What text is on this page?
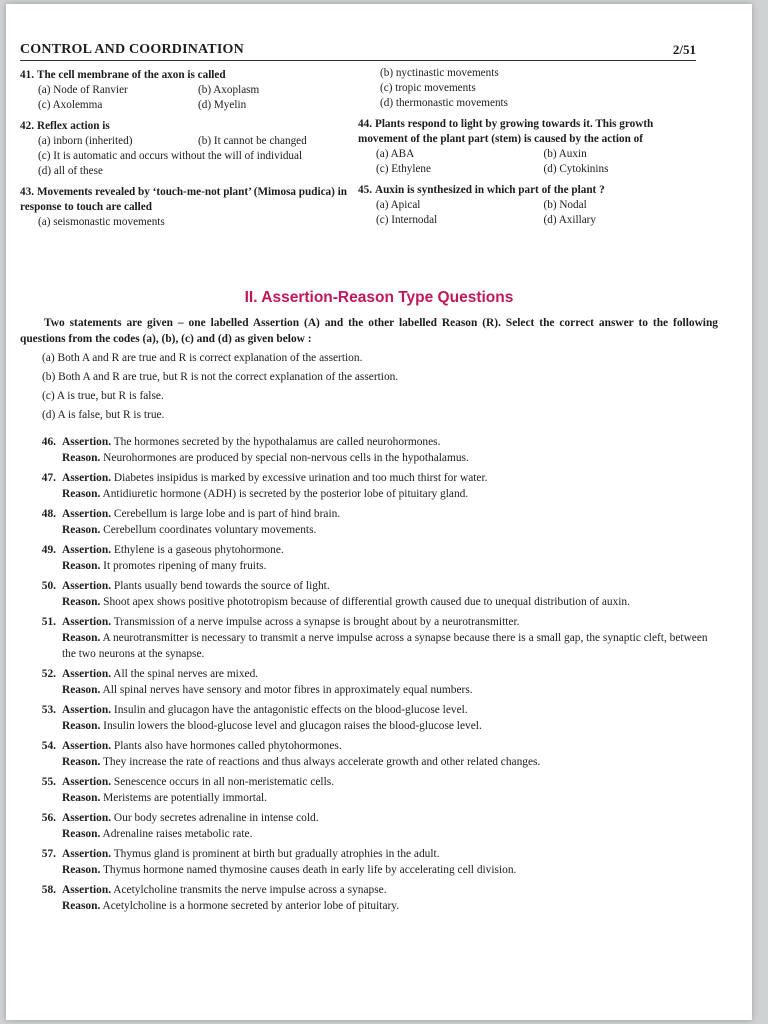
CONTROL AND COORDINATION	2/51
41. The cell membrane of the axon is called
(a) Node of Ranvier	(b) Axoplasm
(c) Axolemma	(d) Myelin
42. Reflex action is
(a) inborn (inherited)	(b) It cannot be changed
(c) It is automatic and occurs without the will of individual
(d) all of these
43. Movements revealed by ‘touch-me-not plant’ (Mimosa pudica) in response to touch are called
(a) seismonastic movements
(b) nyctinastic movements
(c) tropic movements
(d) thermonastic movements
44. Plants respond to light by growing towards it. This growth movement of the plant part (stem) is caused by the action of
(a) ABA	(b) Auxin
(c) Ethylene	(d) Cytokinins
45. Auxin is synthesized in which part of the plant ?
(a) Apical	(b) Nodal
(c) Internodal	(d) Axillary
II. Assertion-Reason Type Questions
Two statements are given – one labelled Assertion (A) and the other labelled Reason (R). Select the correct answer to the following questions from the codes (a), (b), (c) and (d) as given below :
(a) Both A and R are true and R is correct explanation of the assertion.
(b) Both A and R are true, but R is not the correct explanation of the assertion.
(c) A is true, but R is false.
(d) A is false, but R is true.
46. Assertion. The hormones secreted by the hypothalamus are called neurohormones.
Reason. Neurohormones are produced by special non-nervous cells in the hypothalamus.
47. Assertion. Diabetes insipidus is marked by excessive urination and too much thirst for water.
Reason. Antidiuretic hormone (ADH) is secreted by the posterior lobe of pituitary gland.
48. Assertion. Cerebellum is large lobe and is part of hind brain.
Reason. Cerebellum coordinates voluntary movements.
49. Assertion. Ethylene is a gaseous phytohormone.
Reason. It promotes ripening of many fruits.
50. Assertion. Plants usually bend towards the source of light.
Reason. Shoot apex shows positive phototropism because of differential growth caused due to unequal distribution of auxin.
51. Assertion. Transmission of a nerve impulse across a synapse is brought about by a neurotransmitter.
Reason. A neurotransmitter is necessary to transmit a nerve impulse across a synapse because there is a small gap, the synaptic cleft, between the two neurons at the synapse.
52. Assertion. All the spinal nerves are mixed.
Reason. All spinal nerves have sensory and motor fibres in approximately equal numbers.
53. Assertion. Insulin and glucagon have the antagonistic effects on the blood-glucose level.
Reason. Insulin lowers the blood-glucose level and glucagon raises the blood-glucose level.
54. Assertion. Plants also have hormones called phytohormones.
Reason. They increase the rate of reactions and thus always accelerate growth and other related changes.
55. Assertion. Senescence occurs in all non-meristematic cells.
Reason. Meristems are potentially immortal.
56. Assertion. Our body secretes adrenaline in intense cold.
Reason. Adrenaline raises metabolic rate.
57. Assertion. Thymus gland is prominent at birth but gradually atrophies in the adult.
Reason. Thymus hormone named thymosine causes death in early life by accelerating cell division.
58. Assertion. Acetylcholine transmits the nerve impulse across a synapse.
Reason. Acetylcholine is a hormone secreted by anterior lobe of pituitary.
